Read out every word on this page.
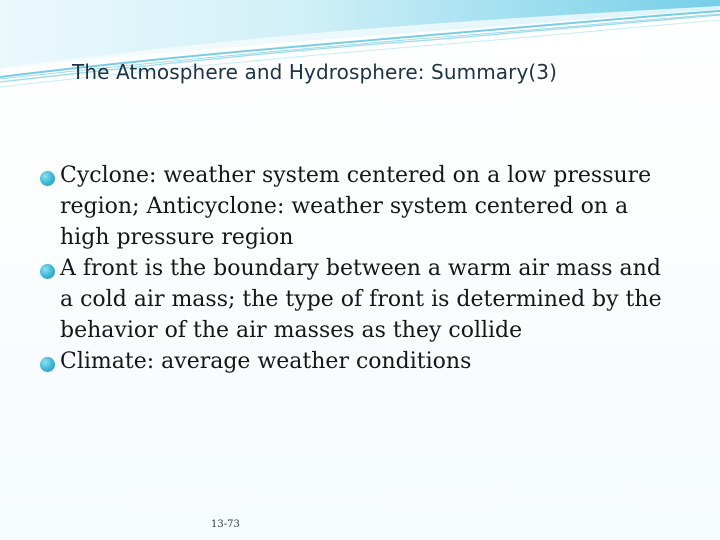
The Atmosphere and Hydrosphere: Summary(3)
Cyclone: weather system centered on a low pressure region; Anticyclone: weather system centered on a high pressure region
A front is the boundary between a warm air mass and a cold air mass; the type of front is determined by the behavior of the air masses as they collide
Climate: average weather conditions
13-73
